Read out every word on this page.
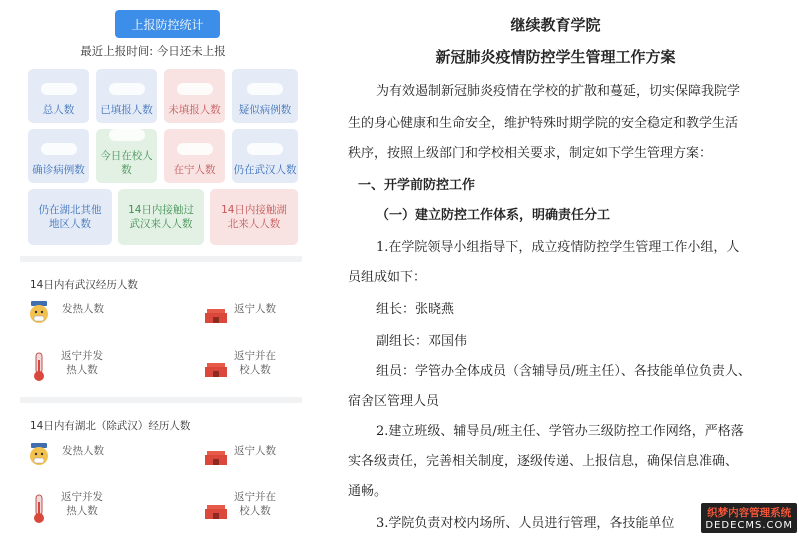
上报防控统计
最近上报时间: 今日还未上报
总人数 已填报人数 未填报人数 疑似病例数
确诊病例数
今日在校人数	在宁人数 仍在武汉人数
仍在湖北其他地区人数
14日内接触过武汉来人人数
14日内接触湖北来人人数
14日内有武汉经历人数
发热人数	返宁人数
返宁并发热人数
返宁并在校人数
14日内有湖北（除武汉）经历人数
发热人数	返宁人数
返宁并发热人数
返宁并在校人数
继续教育学院
新冠肺炎疫情防控学生管理工作方案
为有效遏制新冠肺炎疫情在学校的扩散和蔓延，切实保障我院学
生的身心健康和生命安全，维护特殊时期学院的安全稳定和教学生活
秩序，按照上级部门和学校相关要求，制定如下学生管理方案：
一、开学前防控工作
（一）建立防控工作体系，明确责任分工
1.在学院领导小组指导下，成立疫情防控学生管理工作小组，人
员组成如下：
组长：张晓燕
副组长：邓国伟
组员：学管办全体成员（含辅导员/班主任）、各技能单位负责人、
宿舍区管理人员
2.建立班级、辅导员/班主任、学管办三级防控工作网络，严格落
实各级责任，完善相关制度，逐级传递、上报信息，确保信息准确、
通畅。
3.学院负责对校内场所、人员进行管理，各技能单位
织梦内容管理系统
DEDECMS.COM
